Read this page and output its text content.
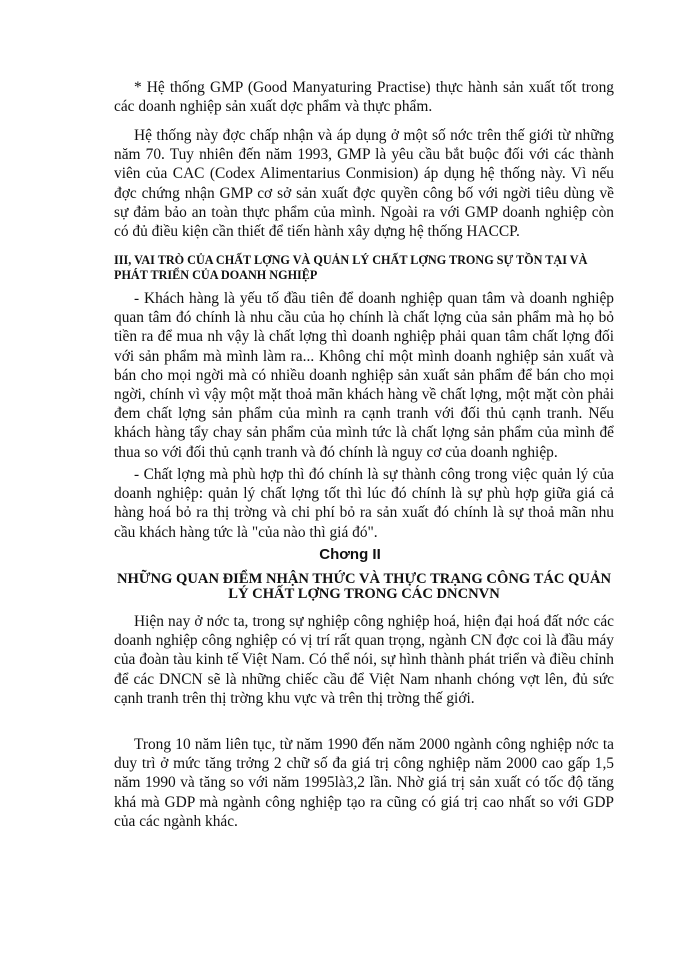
* Hệ thống GMP (Good Manyaturing Practise) thực hành sản xuất tốt trong các doanh nghiệp sản xuất dợc phẩm và thực phẩm.

Hệ thống này đợc chấp nhận và áp dụng ở một số nớc trên thế giới từ những năm 70. Tuy nhiên đến năm 1993, GMP là yêu cầu bắt buộc đối với các thành viên của CAC (Codex Alimentarius Conmision) áp dụng hệ thống này. Vì nếu đợc chứng nhận GMP cơ sở sản xuất đợc quyền công bố với ngời tiêu dùng về sự đảm bảo an toàn thực phẩm của mình. Ngoài ra với GMP doanh nghiệp còn có đủ điều kiện cần thiết để tiến hành xây dựng hệ thống HACCP.

III, VAI TRÒ CỦA CHẤT LỢNG VÀ QUẢN LÝ CHẤT LỢNG TRONG SỰ TỒN TẠI VÀ PHÁT TRIỂN CỦA DOANH NGHIỆP

- Khách hàng là yếu tố đầu tiên để doanh nghiệp quan tâm và doanh nghiệp quan tâm đó chính là nhu cầu của họ chính là chất lợng của sản phẩm mà họ bỏ tiền ra để mua nh vậy là chất lợng thì doanh nghiệp phải quan tâm chất lợng đối với sản phẩm mà mình làm ra... Không chỉ một mình doanh nghiệp sản xuất và bán cho mọi ngời mà có nhiều doanh nghiệp sản xuất sản phẩm để bán cho mọi ngời, chính vì vậy một mặt thoả mãn khách hàng về chất lợng, một mặt còn phải đem chất lợng sản phẩm của mình ra cạnh tranh với đối thủ cạnh tranh. Nếu khách hàng tẩy chay sản phẩm của mình tức là chất lợng sản phẩm của mình để thua so với đối thủ cạnh tranh và đó chính là nguy cơ của doanh nghiệp.

- Chất lợng mà phù hợp thì đó chính là sự thành công trong việc quản lý của doanh nghiệp: quản lý chất lợng tốt thì lúc đó chính là sự phù hợp giữa giá cả hàng hoá bỏ ra thị trờng và chi phí bỏ ra sản xuất đó chính là sự thoả mãn nhu cầu khách hàng tức là "của nào thì giá đó".

Chơng II

NHỮNG QUAN ĐIỂM NHẬN THỨC VÀ THỰC TRẠNG CÔNG TÁC QUẢN LÝ CHẤT LỢNG TRONG CÁC DNCNVN

Hiện nay ở nớc ta, trong sự nghiệp công nghiệp hoá, hiện đại hoá đất nớc các doanh nghiệp công nghiệp có vị trí rất quan trọng, ngành CN đợc coi là đầu máy của đoàn tàu kinh tế Việt Nam. Có thể nói, sự hình thành phát triển và điều chỉnh để các DNCN sẽ là những chiếc cầu để Việt Nam nhanh chóng vợt lên, đủ sức cạnh tranh trên thị trờng khu vực và trên thị trờng thế giới.

Trong 10 năm liên tục, từ năm 1990 đến năm 2000 ngành công nghiệp nớc ta duy trì ở mức tăng trởng 2 chữ số đa giá trị công nghiệp năm 2000 cao gấp 1,5 năm 1990 và tăng so với năm 1995là3,2 lần. Nhờ giá trị sản xuất có tốc độ tăng khá mà GDP mà ngành công nghiệp tạo ra cũng có giá trị cao nhất so với GDP của các ngành khác.
